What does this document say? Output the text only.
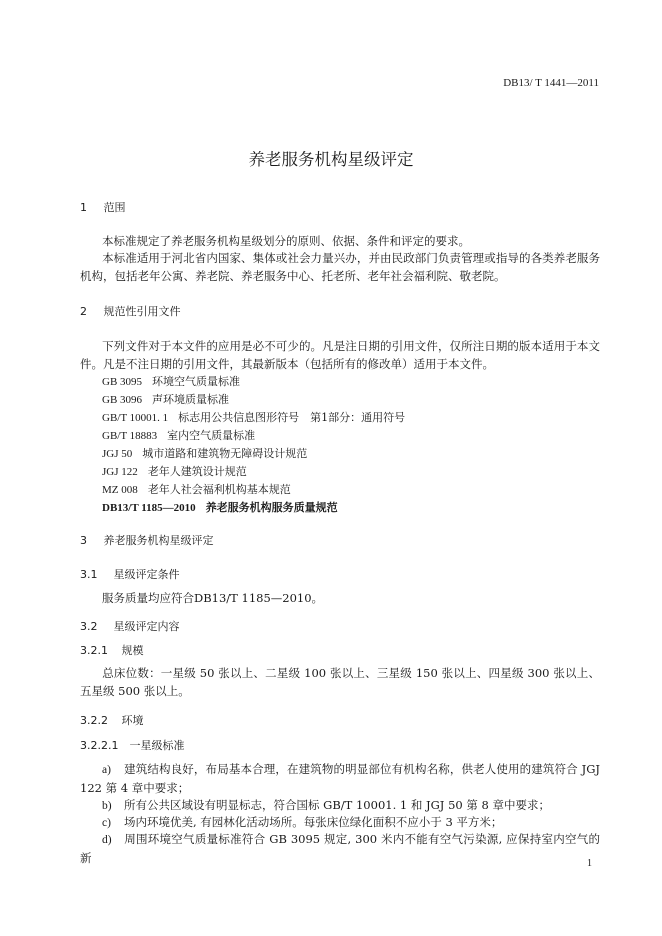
DB13/ T 1441—2011
养老服务机构星级评定
1 范围
本标准规定了养老服务机构星级划分的原则、依据、条件和评定的要求。
本标准适用于河北省内国家、集体或社会力量兴办，并由民政部门负责管理或指导的各类养老服务机构，包括老年公寓、养老院、养老服务中心、托老所、老年社会福利院、敬老院。
2 规范性引用文件
下列文件对于本文件的应用是必不可少的。凡是注日期的引用文件，仅所注日期的版本适用于本文件。凡是不注日期的引用文件，其最新版本（包括所有的修改单）适用于本文件。
GB 3095 环境空气质量标准
GB 3096 声环境质量标准
GB/T 10001. 1 标志用公共信息图形符号　第1部分：通用符号
GB/T 18883 室内空气质量标准
JGJ 50 城市道路和建筑物无障碍设计规范
JGJ 122 老年人建筑设计规范
MZ 008 老年人社会福利机构基本规范
DB13/T 1185—2010 养老服务机构服务质量规范
3 养老服务机构星级评定
3.1 星级评定条件
服务质量均应符合DB13/T 1185—2010。
3.2 星级评定内容
3.2.1 规模
总床位数：一星级 50 张以上、二星级 100 张以上、三星级 150 张以上、四星级 300 张以上、五星级 500 张以上。
3.2.2 环境
3.2.2.1 一星级标准
a) 建筑结构良好，布局基本合理，在建筑物的明显部位有机构名称，供老人使用的建筑符合 JGJ 122 第 4 章中要求；
b) 所有公共区域设有明显标志，符合国标 GB/T 10001. 1 和 JGJ 50 第 8 章中要求；
c) 场内环境优美, 有园林化活动场所。每张床位绿化面积不应小于 3 平方米；
d) 周围环境空气质量标准符合 GB 3095 规定, 300 米内不能有空气污染源, 应保持室内空气的新	1
